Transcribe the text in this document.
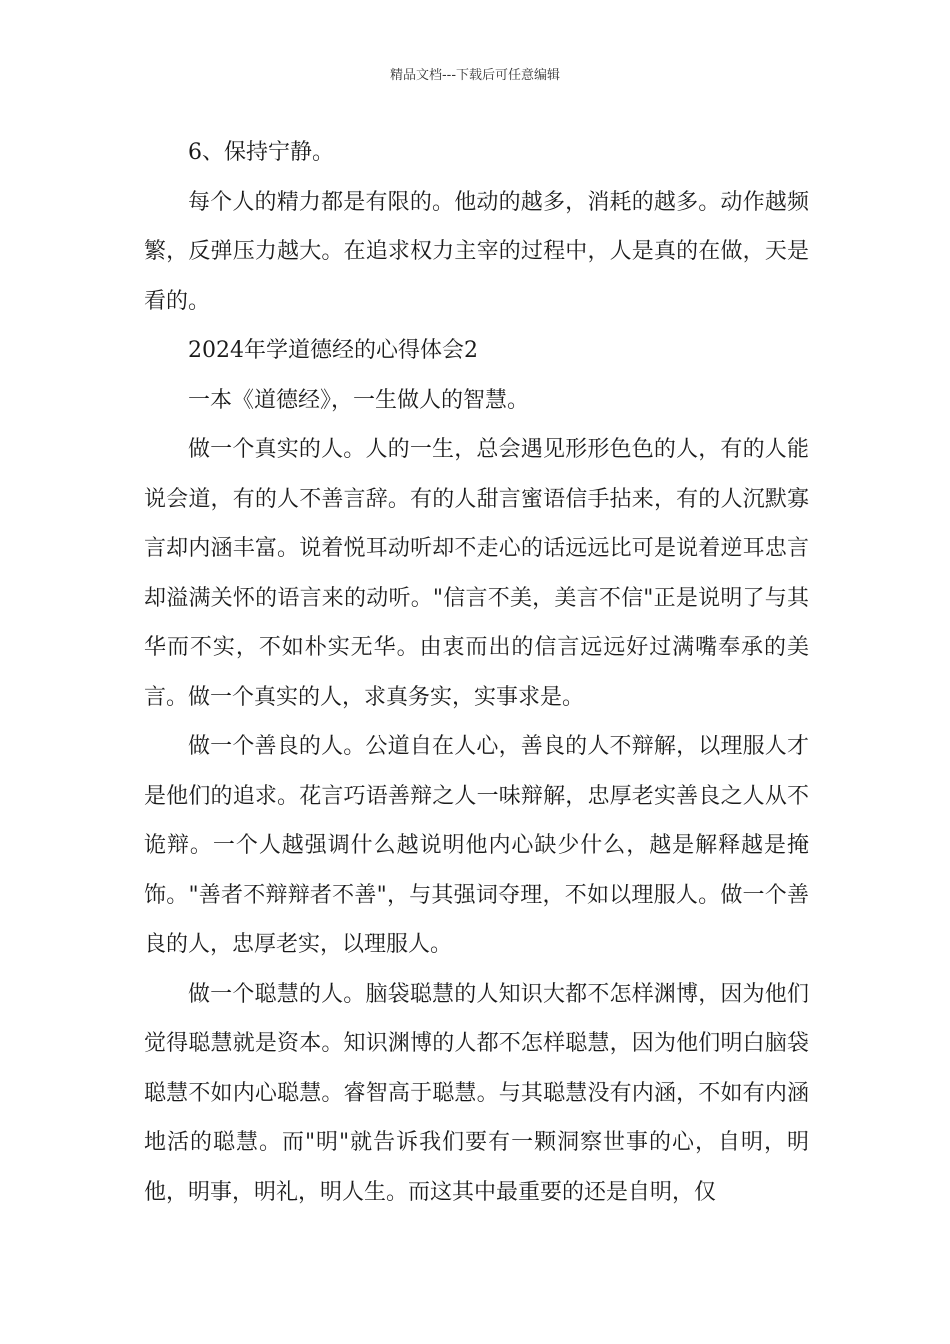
精品文档---下载后可任意编辑

6、保持宁静。

每个人的精力都是有限的。他动的越多，消耗的越多。动作越频繁，反弹压力越大。在追求权力主宰的过程中，人是真的在做，天是看的。

2024年学道德经的心得体会2

一本《道德经》，一生做人的智慧。

做一个真实的人。人的一生，总会遇见形形色色的人，有的人能说会道，有的人不善言辞。有的人甜言蜜语信手拈来，有的人沉默寡言却内涵丰富。说着悦耳动听却不走心的话远远比可是说着逆耳忠言却溢满关怀的语言来的动听。"信言不美，美言不信"正是说明了与其华而不实，不如朴实无华。由衷而出的信言远远好过满嘴奉承的美言。做一个真实的人，求真务实，实事求是。

做一个善良的人。公道自在人心，善良的人不辩解，以理服人才是他们的追求。花言巧语善辩之人一味辩解，忠厚老实善良之人从不诡辩。一个人越强调什么越说明他内心缺少什么，越是解释越是掩饰。"善者不辩辩者不善"，与其强词夺理，不如以理服人。做一个善良的人，忠厚老实，以理服人。

做一个聪慧的人。脑袋聪慧的人知识大都不怎样渊博，因为他们觉得聪慧就是资本。知识渊博的人都不怎样聪慧，因为他们明白脑袋聪慧不如内心聪慧。睿智高于聪慧。与其聪慧没有内涵，不如有内涵地活的聪慧。而"明"就告诉我们要有一颗洞察世事的心，自明，明他，明事，明礼，明人生。而这其中最重要的还是自明，仅
